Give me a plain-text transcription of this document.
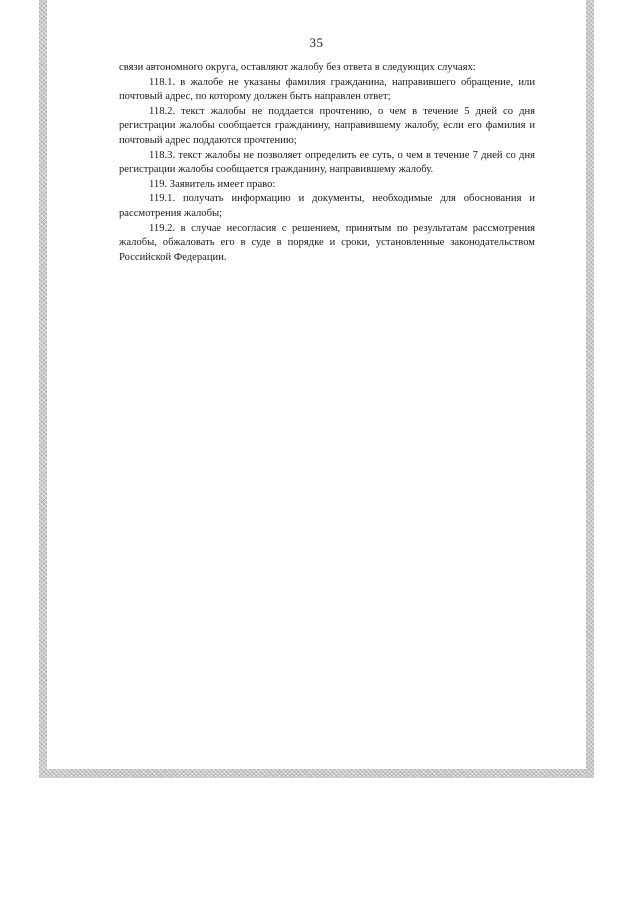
35

связи автономного округа, оставляют жалобу без ответа в следующих случаях:

118.1. в жалобе не указаны фамилия гражданина, направившего обращение, или почтовый адрес, по которому должен быть направлен ответ;

118.2. текст жалобы не поддается прочтению, о чем в течение 5 дней со дня регистрации жалобы сообщается гражданину, направившему жалобу, если его фамилия и почтовый адрес поддаются прочтению;

118.3. текст жалобы не позволяет определить ее суть, о чем в течение 7 дней со дня регистрации жалобы сообщается гражданину, направившему жалобу.

119. Заявитель имеет право:

119.1. получать информацию и документы, необходимые для обоснования и рассмотрения жалобы;

119.2. в случае несогласия с решением, принятым по результатам рассмотрения жалобы, обжаловать его в суде в порядке и сроки, установленные законодательством Российской Федерации.
